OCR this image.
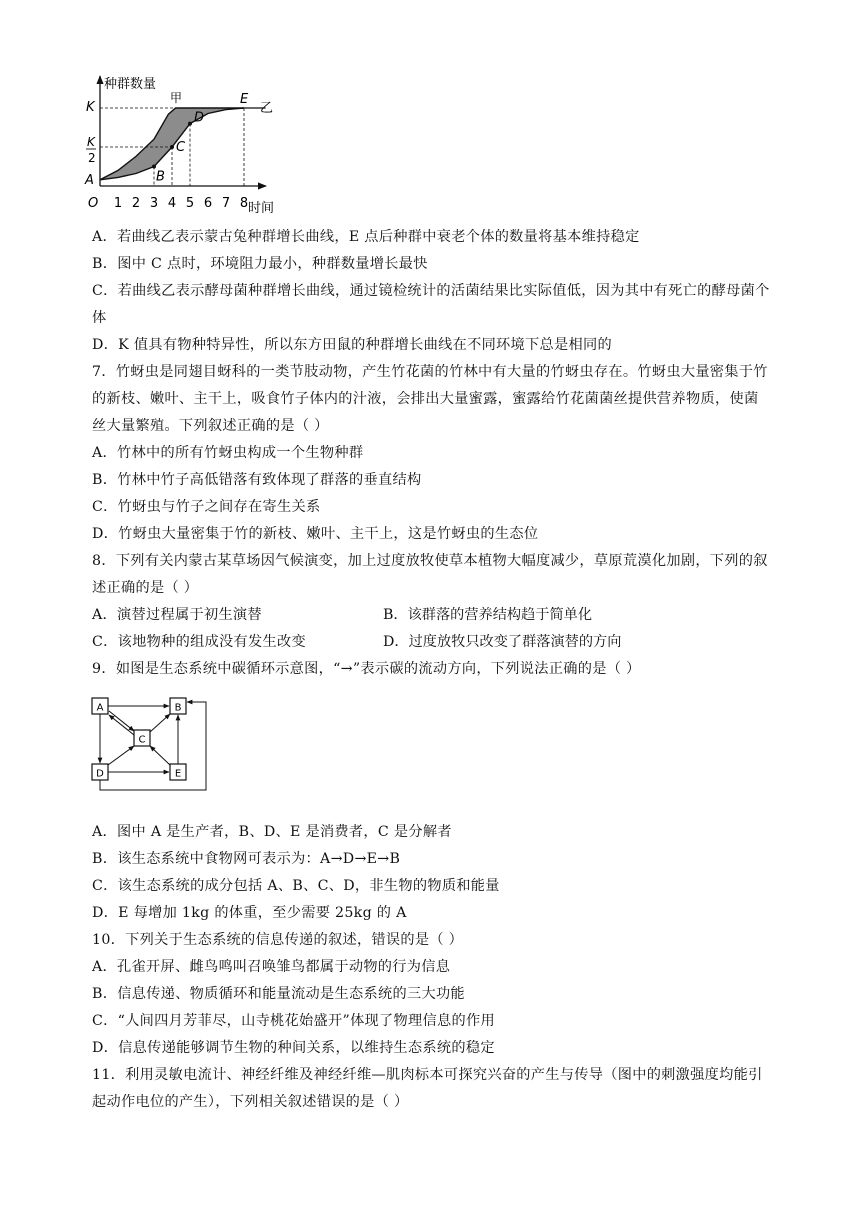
种群数量
时间
O 1 2 3 4 5 6 7 8
K
K
2
A	B
C
D
E
甲
乙
A．若曲线乙表示蒙古兔种群增长曲线，E 点后种群中衰老个体的数量将基本维持稳定
B．图中 C 点时，环境阻力最小，种群数量增长最快
C．若曲线乙表示酵母菌种群增长曲线，通过镜检统计的活菌结果比实际值低，因为其中有死亡的酵母菌个
体
D．K 值具有物种特异性，所以东方田鼠的种群增长曲线在不同环境下总是相同的
7．竹蚜虫是同翅目蚜科的一类节肢动物，产生竹花菌的竹林中有大量的竹蚜虫存在。竹蚜虫大量密集于竹
的新枝、嫩叶、主干上，吸食竹子体内的汁液，会排出大量蜜露，蜜露给竹花菌菌丝提供营养物质，使菌
丝大量繁殖。下列叙述正确的是（ ）
A．竹林中的所有竹蚜虫构成一个生物种群
B．竹林中竹子高低错落有致体现了群落的垂直结构
C．竹蚜虫与竹子之间存在寄生关系
D．竹蚜虫大量密集于竹的新枝、嫩叶、主干上，这是竹蚜虫的生态位
8．下列有关内蒙古某草场因气候演变，加上过度放牧使草本植物大幅度减少，草原荒漠化加剧，下列的叙
述正确的是（ ）
A．演替过程属于初生演替	B．该群落的营养结构趋于简单化
C．该地物种的组成没有发生改变	D．过度放牧只改变了群落演替的方向
9．如图是生态系统中碳循环示意图，“→”表示碳的流动方向，下列说法正确的是（ ）
A	B
C
D	E
A．图中 A 是生产者，B、D、E 是消费者，C 是分解者
B．该生态系统中食物网可表示为：A→D→E→B
C．该生态系统的成分包括 A、B、C、D，非生物的物质和能量
D．E 每增加 1kg 的体重，至少需要 25kg 的 A
10．下列关于生态系统的信息传递的叙述，错误的是（ ）
A．孔雀开屏、雌鸟鸣叫召唤雏鸟都属于动物的行为信息
B．信息传递、物质循环和能量流动是生态系统的三大功能
C．“人间四月芳菲尽，山寺桃花始盛开”体现了物理信息的作用
D．信息传递能够调节生物的种间关系，以维持生态系统的稳定
11．利用灵敏电流计、神经纤维及神经纤维—肌肉标本可探究兴奋的产生与传导（图中的刺激强度均能引
起动作电位的产生），下列相关叙述错误的是（ ）
